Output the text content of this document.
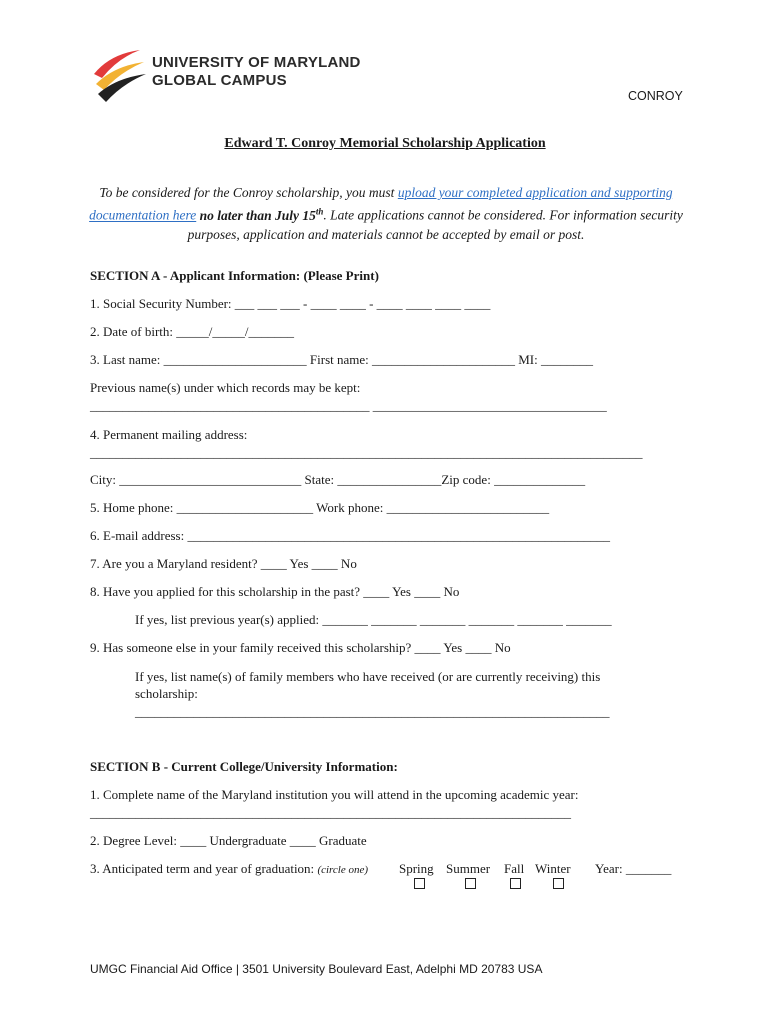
UNIVERSITY OF MARYLAND
GLOBAL CAMPUS
CONROY
Edward T. Conroy Memorial Scholarship Application
To be considered for the Conroy scholarship, you must upload your completed application and supporting documentation here no later than July 15th. Late applications cannot be considered. For information security purposes, application and materials cannot be accepted by email or post.
SECTION A - Applicant Information: (Please Print)
1. Social Security Number: ___ ___ ___ - ____ ____ - ____ ____ ____ ____
2. Date of birth: _____/_____/_______
3. Last name: ______________________ First name: ______________________ MI: ________
Previous name(s) under which records may be kept:
___________________________________________ ____________________________________
4. Permanent mailing address:
_____________________________________________________________________________________
City: ____________________________ State: ________________Zip code: ______________
5. Home phone: _____________________ Work phone: _________________________
6. E-mail address: _________________________________________________________________
7. Are you a Maryland resident? ____ Yes ____ No
8. Have you applied for this scholarship in the past? ____ Yes ____ No
If yes, list previous year(s) applied: _______ _______ _______ _______ _______ _______
9. Has someone else in your family received this scholarship? ____ Yes ____ No
If yes, list name(s) of family members who have received (or are currently receiving) this scholarship:
_________________________________________________________________________
SECTION B - Current College/University Information:
1. Complete name of the Maryland institution you will attend in the upcoming academic year:
__________________________________________________________________________
2. Degree Level: ____ Undergraduate ____ Graduate
3. Anticipated term and year of graduation: (circle one) Spring Summer Fall Winter Year: _______
UMGC Financial Aid Office | 3501 University Boulevard East, Adelphi MD 20783 USA
